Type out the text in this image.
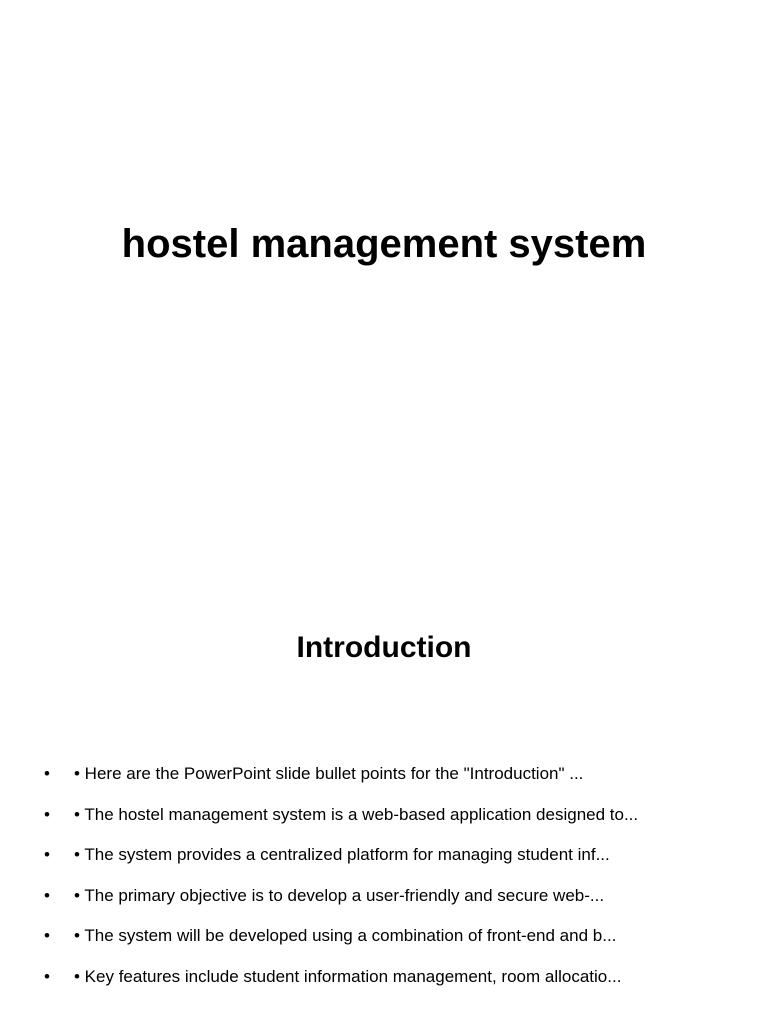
hostel management system
Introduction
• • Here are the PowerPoint slide bullet points for the "Introduction" ...
• • The hostel management system is a web-based application designed to...
• • The system provides a centralized platform for managing student inf...
• • The primary objective is to develop a user-friendly and secure web-...
• • The system will be developed using a combination of front-end and b...
• • Key features include student information management, room allocatio...
